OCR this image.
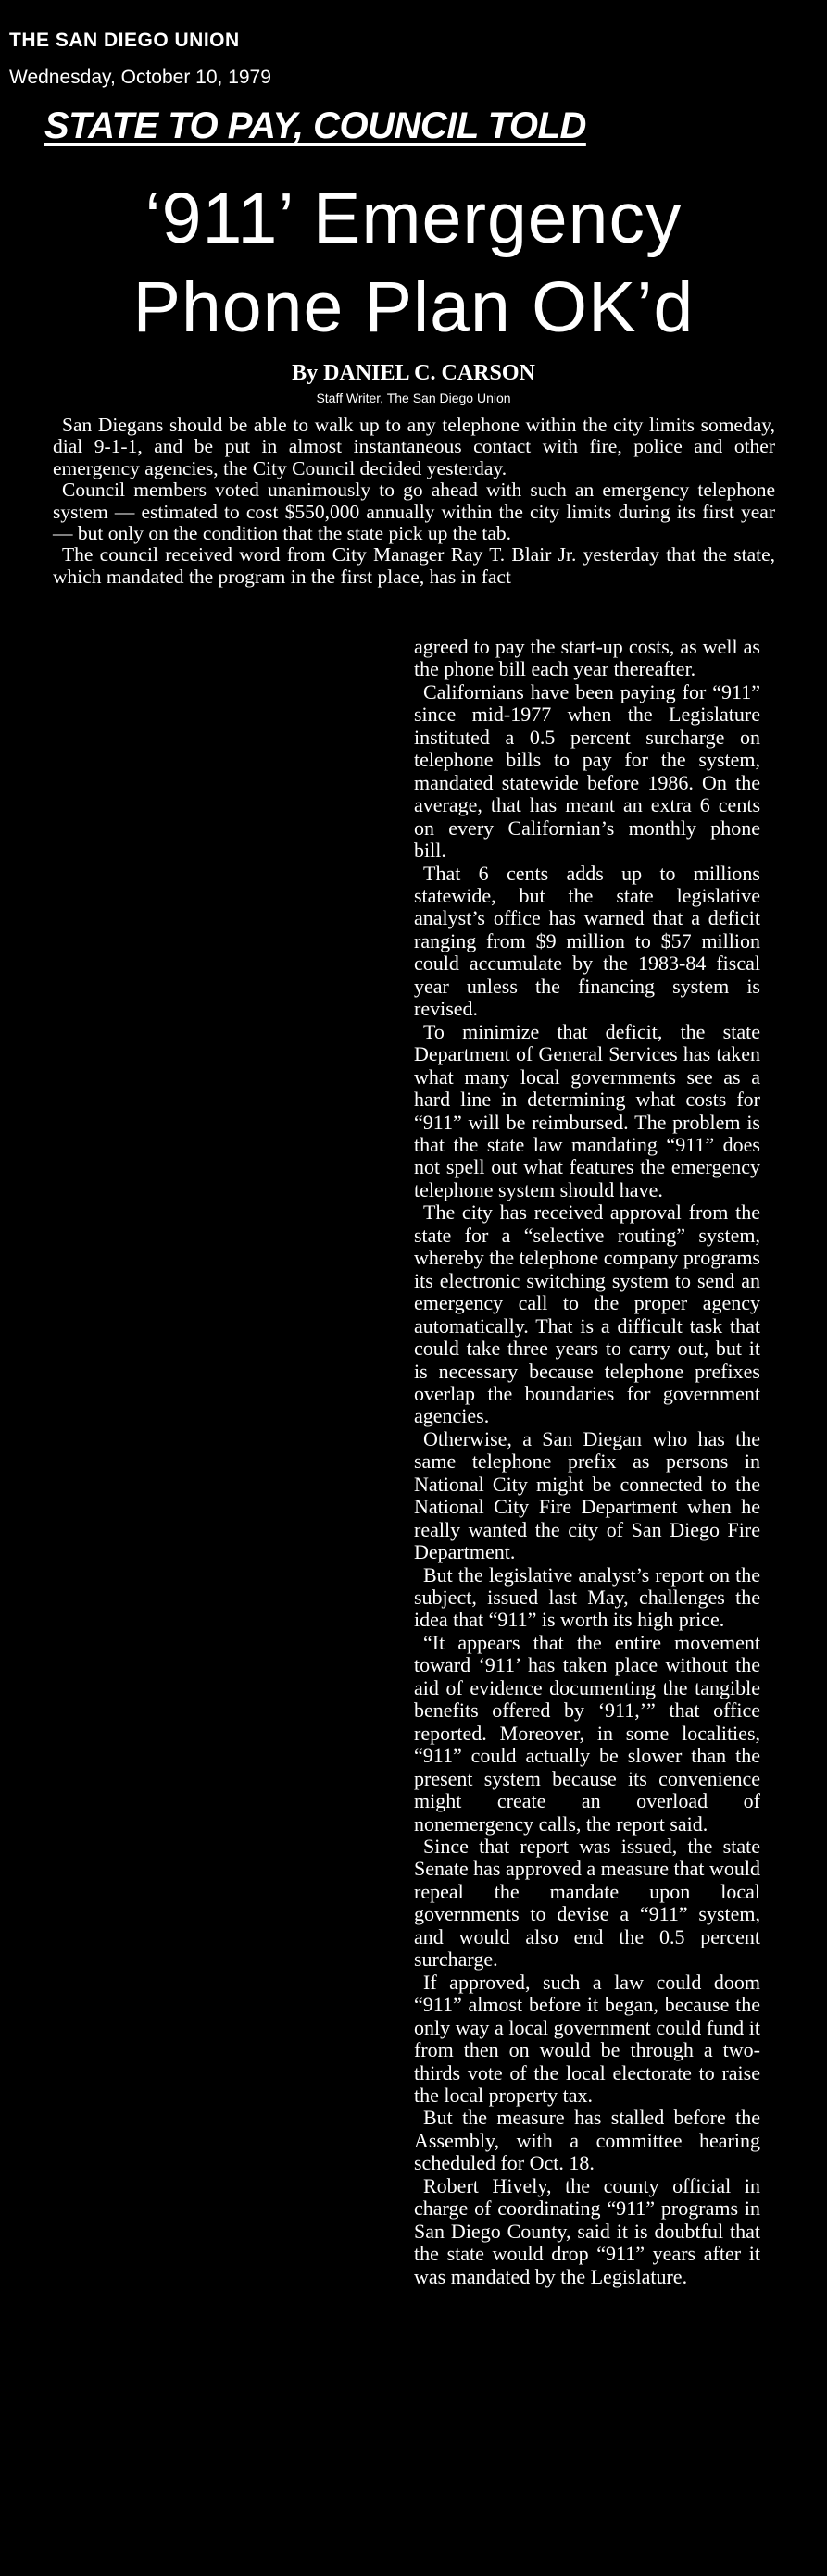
THE SAN DIEGO UNION
Wednesday, October 10, 1979
STATE TO PAY, COUNCIL TOLD
‘911’ Emergency
Phone Plan OK’d
By DANIEL C. CARSON
Staff Writer, The San Diego Union

San Diegans should be able to walk up to any telephone within the city limits someday, dial 9-1-1, and be put in almost instantaneous contact with fire, police and other emergency agencies, the City Council decided yesterday.

Council members voted unanimously to go ahead with such an emergency telephone system — estimated to cost $550,000 annually within the city limits during its first year — but only on the condition that the state pick up the tab.

The council received word from City Manager Ray T. Blair Jr. yesterday that the state, which mandated the program in the first place, has in fact

agreed to pay the start-up costs, as well as the phone bill each year thereafter.

Californians have been paying for “911” since mid-1977 when the Legislature instituted a 0.5 percent surcharge on telephone bills to pay for the system, mandated statewide before 1986. On the average, that has meant an extra 6 cents on every Californian’s monthly phone bill.

That 6 cents adds up to millions statewide, but the state legislative analyst’s office has warned that a deficit ranging from $9 million to $57 million could accumulate by the 1983-84 fiscal year unless the financing system is revised.

To minimize that deficit, the state Department of General Services has taken what many local governments see as a hard line in determining what costs for “911” will be reimbursed. The problem is that the state law mandating “911” does not spell out what features the emergency telephone system should have.

The city has received approval from the state for a “selective routing” system, whereby the telephone company programs its electronic switching system to send an emergency call to the proper agency automatically. That is a difficult task that could take three years to carry out, but it is necessary because telephone prefixes overlap the boundaries for government agencies.

Otherwise, a San Diegan who has the same telephone prefix as persons in National City might be connected to the National City Fire Department when he really wanted the city of San Diego Fire Department.

But the legislative analyst’s report on the subject, issued last May, challenges the idea that “911” is worth its high price.

“It appears that the entire movement toward ‘911’ has taken place without the aid of evidence documenting the tangible benefits offered by ‘911,’” that office reported. Moreover, in some localities, “911” could actually be slower than the present system because its convenience might create an overload of nonemergency calls, the report said.

Since that report was issued, the state Senate has approved a measure that would repeal the mandate upon local governments to devise a “911” system, and would also end the 0.5 percent surcharge.

If approved, such a law could doom “911” almost before it began, because the only way a local government could fund it from then on would be through a two-thirds vote of the local electorate to raise the local property tax.

But the measure has stalled before the Assembly, with a committee hearing scheduled for Oct. 18.

Robert Hively, the county official in charge of coordinating “911” programs in San Diego County, said it is doubtful that the state would drop “911” years after it was mandated by the Legislature.
